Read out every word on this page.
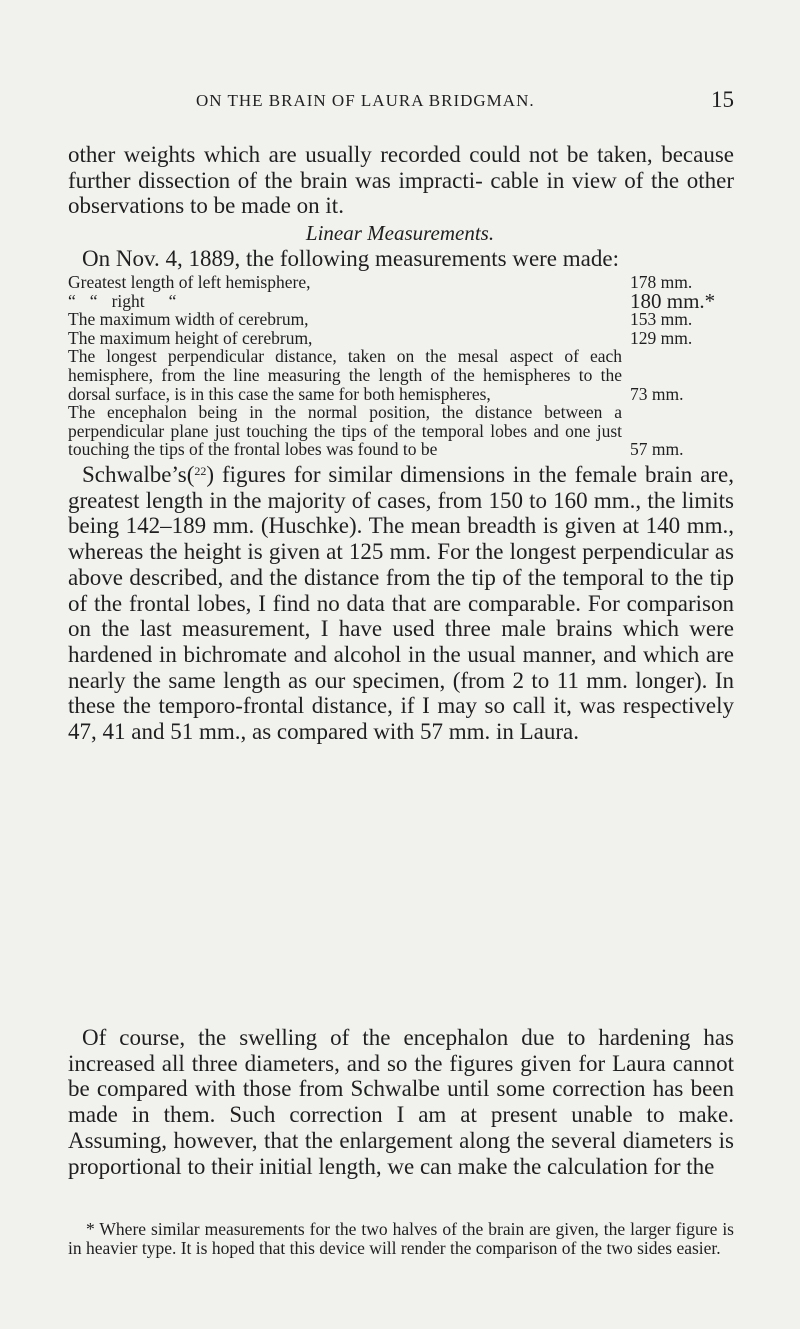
ON THE BRAIN OF LAURA BRIDGMAN.	15

other weights which are usually recorded could not be taken, because further dissection of the brain was impracti- cable in view of the other observations to be made on it.

Linear Measurements.

On Nov. 4, 1889, the following measurements were made:

Greatest length of left hemisphere,	178 mm.
“ “ right “	180 mm.*
The maximum width of cerebrum,	153 mm.
The maximum height of cerebrum,	129 mm.
The longest perpendicular distance, taken on the mesal aspect of each hemisphere, from the line measuring the length of the hemispheres to the dorsal surface, is in this case the same for both hemispheres,	73 mm.
The encephalon being in the normal position, the distance between a perpendicular plane just touching the tips of the temporal lobes and one just touching the tips of the frontal lobes was found to be	57 mm.

Schwalbe’s($^{22}$) figures for similar dimensions in the female brain are, greatest length in the majority of cases, from 150 to 160 mm., the limits being 142–189 mm. (Huschke). The mean breadth is given at 140 mm., whereas the height is given at 125 mm. For the longest perpendicular as above described, and the distance from the tip of the temporal to the tip of the frontal lobes, I find no data that are comparable. For comparison on the last measurement, I have used three male brains which were hardened in bichromate and alcohol in the usual manner, and which are nearly the same length as our specimen, (from 2 to 11 mm. longer). In these the temporo-frontal distance, if I may so call it, was respectively 47, 41 and 51 mm., as compared with 57 mm. in Laura.

Of course, the swelling of the encephalon due to hardening has increased all three diameters, and so the figures given for Laura cannot be compared with those from Schwalbe until some correction has been made in them. Such correction I am at present unable to make. Assuming, however, that the enlargement along the several diameters is proportional to their initial length, we can make the calculation for the

* Where similar measurements for the two halves of the brain are given, the larger figure is in heavier type. It is hoped that this device will render the comparison of the two sides easier.
